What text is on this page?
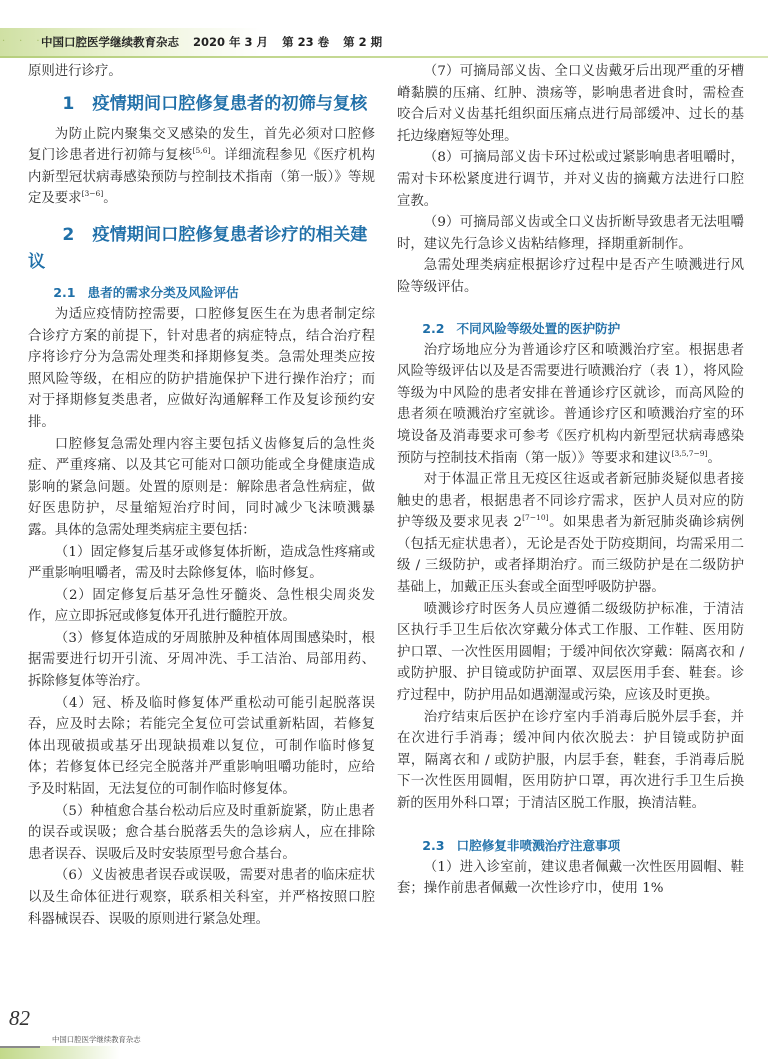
···
中国口腔医学继续教育杂志 2020 年 3 月 第 23 卷 第 2 期

原则进行诊疗。

1 疫情期间口腔修复患者的初筛与复核

为防止院内聚集交叉感染的发生，首先必须对口腔修复门诊患者进行初筛与复核[5,6]。详细流程参见《医疗机构内新型冠状病毒感染预防与控制技术指南（第一版）》等规定及要求[3−6]。

2 疫情期间口腔修复患者诊疗的相关建议
2.1 患者的需求分类及风险评估

为适应疫情防控需要，口腔修复医生在为患者制定综合诊疗方案的前提下，针对患者的病症特点，结合治疗程序将诊疗分为急需处理类和择期修复类。急需处理类应按照风险等级，在相应的防护措施保护下进行操作治疗；而对于择期修复类患者，应做好沟通解释工作及复诊预约安排。

口腔修复急需处理内容主要包括义齿修复后的急性炎症、严重疼痛、以及其它可能对口颌功能或全身健康造成影响的紧急问题。处置的原则是：解除患者急性病症，做好医患防护，尽量缩短治疗时间，同时减少飞沫喷溅暴露。具体的急需处理类病症主要包括：

（1）固定修复后基牙或修复体折断，造成急性疼痛或严重影响咀嚼者，需及时去除修复体，临时修复。

（2）固定修复后基牙急性牙髓炎、急性根尖周炎发作，应立即拆冠或修复体开孔进行髓腔开放。

（3）修复体造成的牙周脓肿及种植体周围感染时，根据需要进行切开引流、牙周冲洗、手工洁治、局部用药、拆除修复体等治疗。

（4）冠、桥及临时修复体严重松动可能引起脱落误吞，应及时去除；若能完全复位可尝试重新粘固，若修复体出现破损或基牙出现缺损难以复位，可制作临时修复体；若修复体已经完全脱落并严重影响咀嚼功能时，应给予及时粘固，无法复位的可制作临时修复体。

（5）种植愈合基台松动后应及时重新旋紧，防止患者的误吞或误吸；愈合基台脱落丢失的急诊病人，应在排除患者误吞、误吸后及时安装原型号愈合基台。

（6）义齿被患者误吞或误吸，需要对患者的临床症状以及生命体征进行观察，联系相关科室，并严格按照口腔科器械误吞、误吸的原则进行紧急处理。

（7）可摘局部义齿、全口义齿戴牙后出现严重的牙槽嵴黏膜的压痛、红肿、溃疡等，影响患者进食时，需检查咬合后对义齿基托组织面压痛点进行局部缓冲、过长的基托边缘磨短等处理。

（8）可摘局部义齿卡环过松或过紧影响患者咀嚼时，需对卡环松紧度进行调节，并对义齿的摘戴方法进行口腔宣教。

（9）可摘局部义齿或全口义齿折断导致患者无法咀嚼时，建议先行急诊义齿粘结修理，择期重新制作。

急需处理类病症根据诊疗过程中是否产生喷溅进行风险等级评估。

2.2 不同风险等级处置的医护防护

治疗场地应分为普通诊疗区和喷溅治疗室。根据患者风险等级评估以及是否需要进行喷溅治疗（表 1），将风险等级为中风险的患者安排在普通诊疗区就诊，而高风险的患者须在喷溅治疗室就诊。普通诊疗区和喷溅治疗室的环境设备及消毒要求可参考《医疗机构内新型冠状病毒感染预防与控制技术指南（第一版）》等要求和建议[3,5,7−9]。

对于体温正常且无疫区往返或者新冠肺炎疑似患者接触史的患者，根据患者不同诊疗需求，医护人员对应的防护等级及要求见表 2[7−10]。如果患者为新冠肺炎确诊病例（包括无症状患者），无论是否处于防疫期间，均需采用二级 / 三级防护，或者择期治疗。而三级防护是在二级防护基础上，加戴正压头套或全面型呼吸防护器。

喷溅诊疗时医务人员应遵循二级级防护标准，于清洁区执行手卫生后依次穿戴分体式工作服、工作鞋、医用防护口罩、一次性医用圆帽；于缓冲间依次穿戴：隔离衣和 / 或防护服、护目镜或防护面罩、双层医用手套、鞋套。诊疗过程中，防护用品如遇潮湿或污染，应该及时更换。

治疗结束后医护在诊疗室内手消毒后脱外层手套，并在次进行手消毒；缓冲间内依次脱去：护目镜或防护面罩，隔离衣和 / 或防护服，内层手套，鞋套，手消毒后脱下一次性医用圆帽，医用防护口罩，再次进行手卫生后换新的医用外科口罩；于清洁区脱工作服，换清洁鞋。

2.3 口腔修复非喷溅治疗注意事项

（1）进入诊室前，建议患者佩戴一次性医用圆帽、鞋套；操作前患者佩戴一次性诊疗巾，使用 1%

82
中国口腔医学继续教育杂志
